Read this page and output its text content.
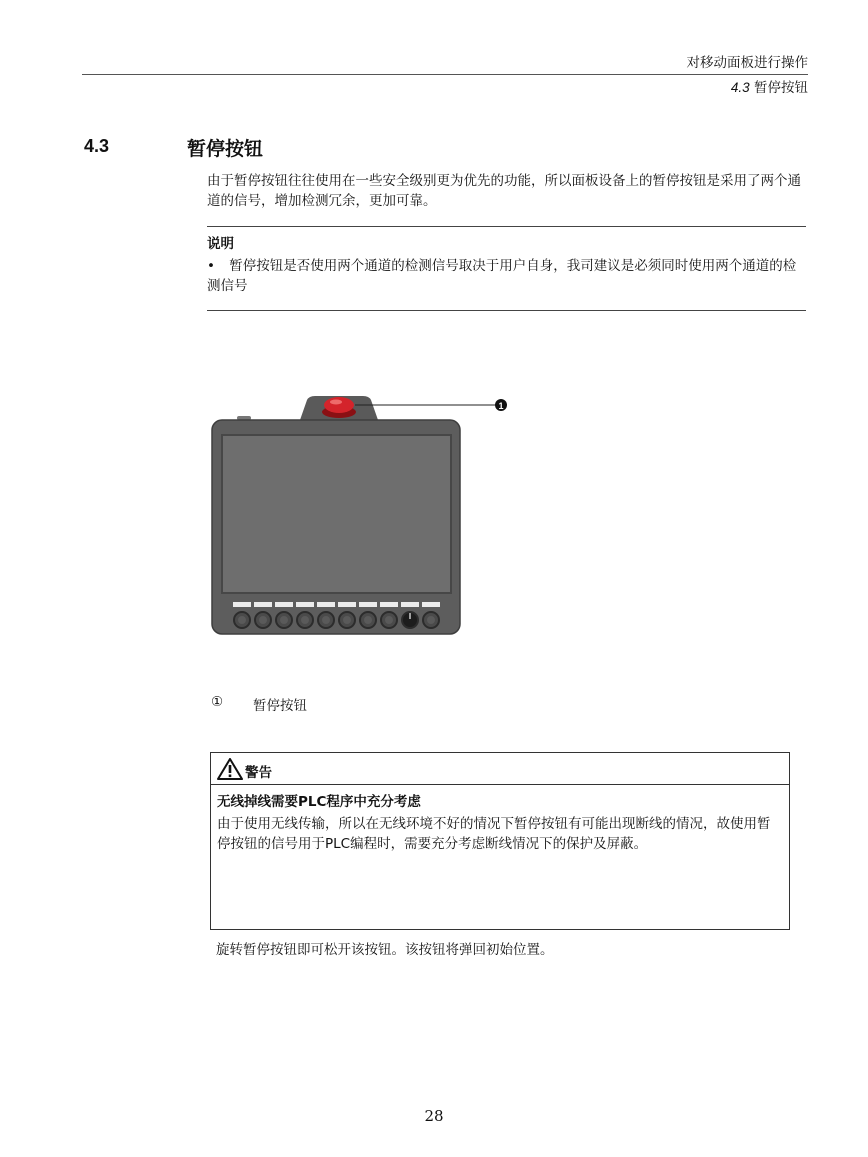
对移动面板进行操作
4.3 暂停按钮
4.3	暂停按钮

由于暂停按钮往往使用在一些安全级别更为优先的功能，所以面板设备上的暂停按钮是采用了两个通道的信号，增加检测冗余，更加可靠。

说明
• 暂停按钮是否使用两个通道的检测信号取决于用户自身，我司建议是必须同时使用两个通道的检测信号
1
①	暂停按钮
警告
无线掉线需要PLC程序中充分考虑
由于使用无线传输，所以在无线环境不好的情况下暂停按钮有可能出现断线的情况，故使用暂停按钮的信号用于PLC编程时，需要充分考虑断线情况下的保护及屏蔽。
旋转暂停按钮即可松开该按钮。该按钮将弹回初始位置。
28
